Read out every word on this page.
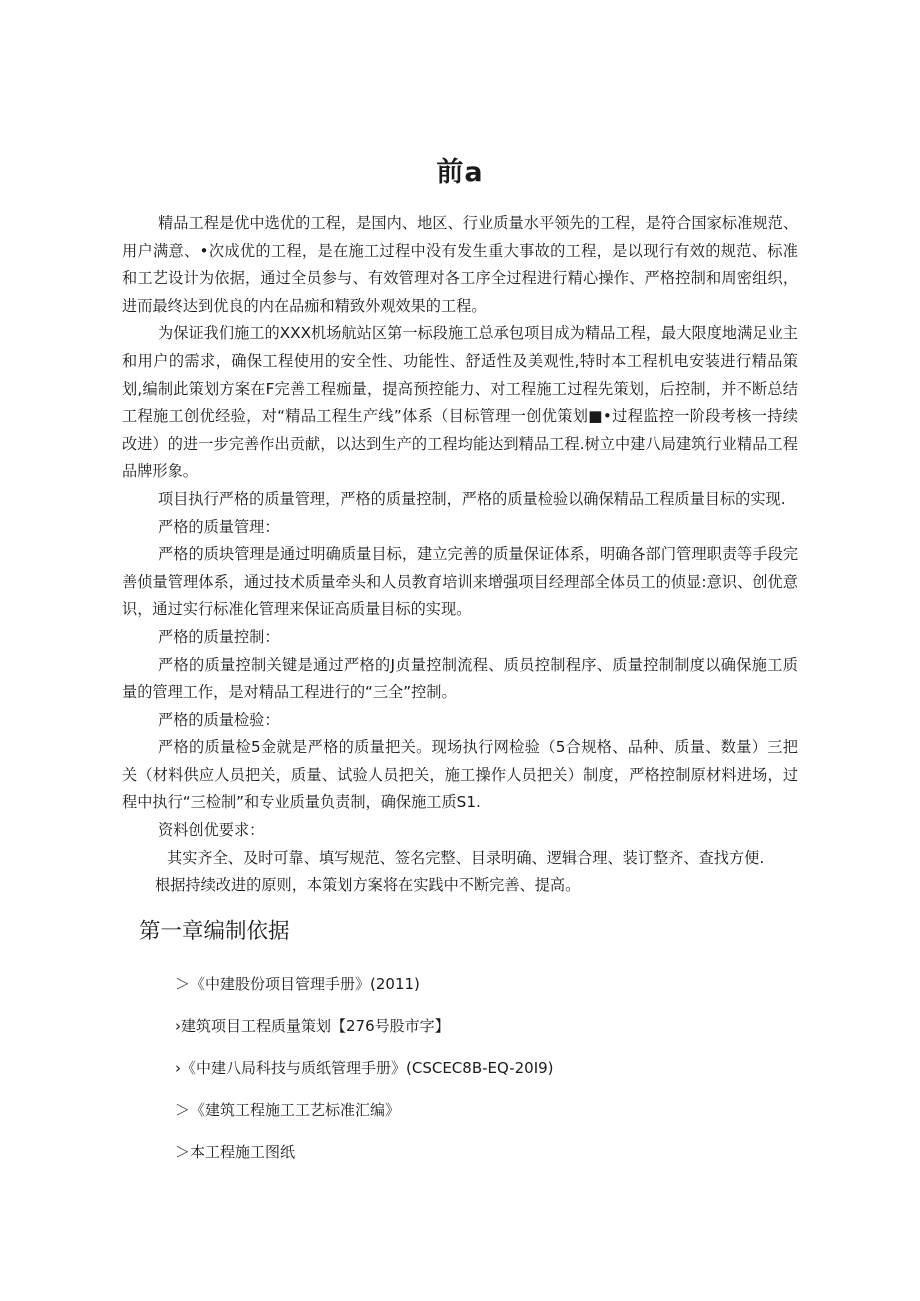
前a

精品工程是优中选优的工程，是国内、地区、行业质量水平领先的工程，是符合国家标准规范、用户满意、•次成优的工程，是在施工过程中没有发生重大事故的工程，是以现行有效的规范、标准和工艺设计为依据，通过全员参与、有效管理对各工序全过程进行精心操作、严格控制和周密组织，进而最终达到优良的内在品痂和精致外观效果的工程。

为保证我们施工的XXX机场航站区第一标段施工总承包项目成为精品工程，最大限度地满足业主和用户的需求，确保工程使用的安全性、功能性、舒适性及美观性,特时本工程机电安装进行精品策划,编制此策划方案在F完善工程痂量，提高预控能力、对工程施工过程先策划，后控制，并不断总结工程施工创优经验，对“精品工程生产线”体系（目标管理一创优策划■•过程监控一阶段考核一持续改进）的进一步完善作出贡献，以达到生产的工程均能达到精品工程.树立中建八局建筑行业精品工程品牌形象。

项目执行严格的质量管理，严格的质量控制，严格的质量检验以确保精品工程质量目标的实现.

严格的质量管理：

严格的质块管理是通过明确质量目标，建立完善的质量保证体系，明确各部门管理职责等手段完善侦量管理体系，通过技术质量牵头和人员教育培训来增强项目经理部全体员工的侦显:意识、创优意识，通过实行标准化管理来保证高质量目标的实现。

严格的质量控制：

严格的质量控制关键是通过严格的J贞量控制流程、质员控制程序、质量控制制度以确保施工质量的管理工作，是对精品工程进行的“三全”控制。

严格的质量检验：

严格的质量检5金就是严格的质量把关。现场执行网检验（5合规格、品种、质量、数量）三把关（材料供应人员把关，质量、试验人员把关，施工操作人员把关）制度，严格控制原材料进场，过程中执行“三检制”和专业质量负责制，确保施工质S1.

资料创优要求：

其实齐全、及时可靠、填写规范、签名完整、目录明确、逻辑合理、装订整齐、查找方便.

根据持续改进的原则，本策划方案将在实践中不断完善、提高。

第一章编制依据
＞《中建股份项目管理手册》(2011)
›建筑项目工程质量策划【276号股市字】
›《中建八局科技与质纸管理手册》(CSCEC8B-EQ-20I9)
＞《建筑工程施工工艺标准汇编》
＞本工程施工图纸
